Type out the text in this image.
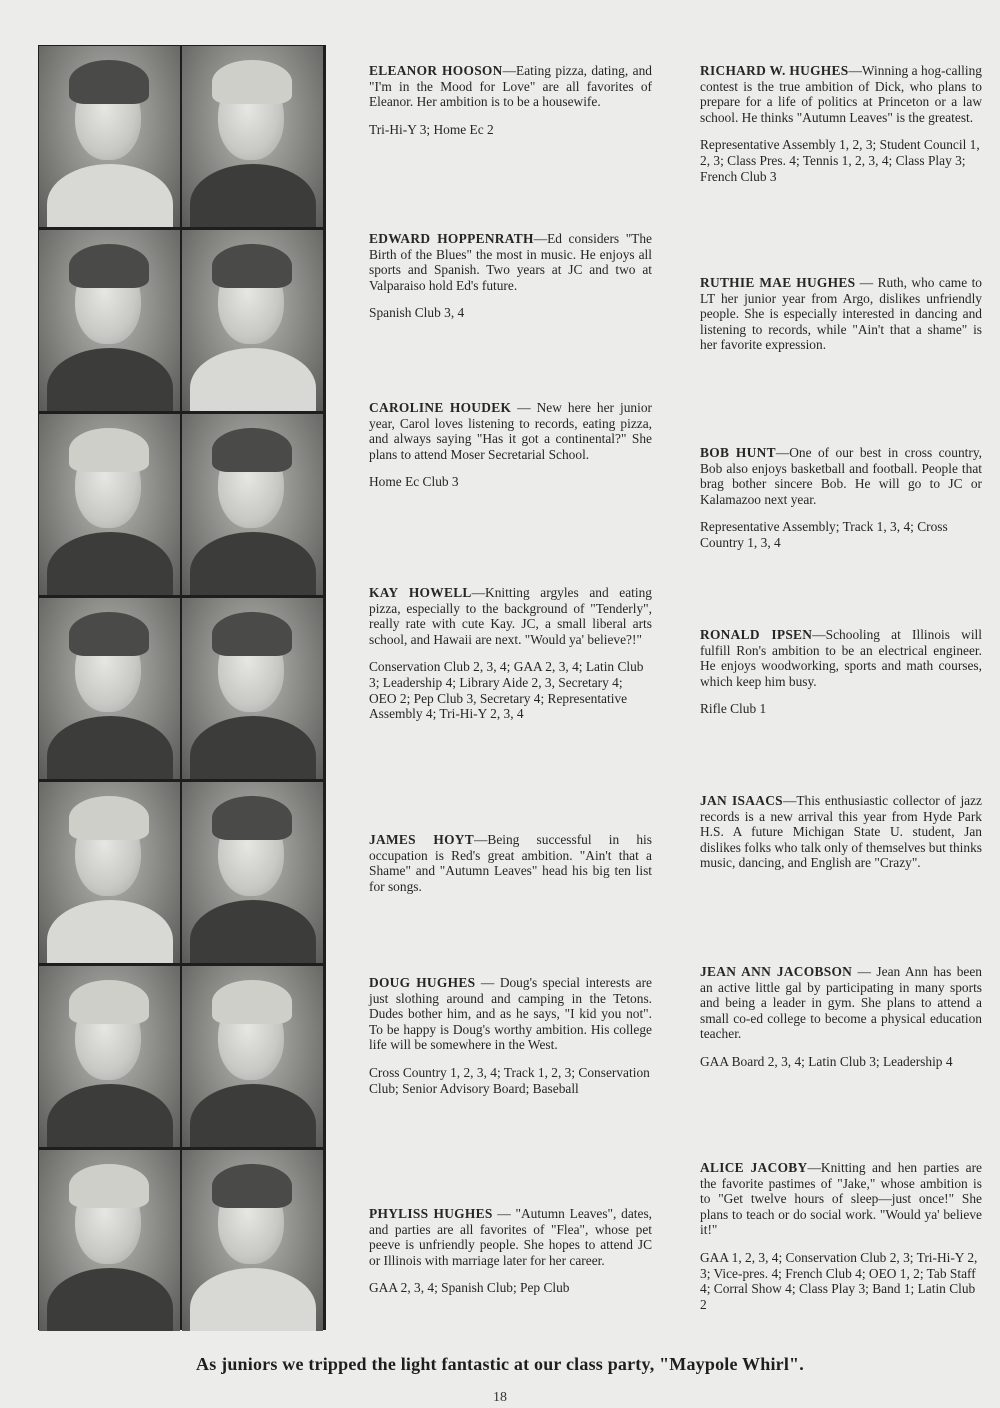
ELEANOR HOOSON—Eating pizza, dating, and "I'm in the Mood for Love" are all favorites of Eleanor. Her ambition is to be a housewife.

Tri-Hi-Y 3; Home Ec 2

EDWARD HOPPENRATH—Ed considers "The Birth of the Blues" the most in music. He enjoys all sports and Spanish. Two years at JC and two at Valparaiso hold Ed's future.

Spanish Club 3, 4

CAROLINE HOUDEK — New here her junior year, Carol loves listening to records, eating pizza, and always saying "Has it got a continental?" She plans to attend Moser Secretarial School.

Home Ec Club 3

KAY HOWELL—Knitting argyles and eating pizza, especially to the background of "Tenderly", really rate with cute Kay. JC, a small liberal arts school, and Hawaii are next. "Would ya' believe?!"

Conservation Club 2, 3, 4; GAA 2, 3, 4; Latin Club 3; Leadership 4; Library Aide 2, 3, Secretary 4; OEO 2; Pep Club 3, Secretary 4; Representative Assembly 4; Tri-Hi-Y 2, 3, 4

JAMES HOYT—Being successful in his occupation is Red's great ambition. "Ain't that a Shame" and "Autumn Leaves" head his big ten list for songs.

DOUG HUGHES — Doug's special interests are just slothing around and camping in the Tetons. Dudes bother him, and as he says, "I kid you not". To be happy is Doug's worthy ambition. His college life will be somewhere in the West.

Cross Country 1, 2, 3, 4; Track 1, 2, 3; Conservation Club; Senior Advisory Board; Baseball

PHYLISS HUGHES — "Autumn Leaves", dates, and parties are all favorites of "Flea", whose pet peeve is unfriendly people. She hopes to attend JC or Illinois with marriage later for her career.

GAA 2, 3, 4; Spanish Club; Pep Club

RICHARD W. HUGHES—Winning a hog-calling contest is the true ambition of Dick, who plans to prepare for a life of politics at Princeton or a law school. He thinks "Autumn Leaves" is the greatest.

Representative Assembly 1, 2, 3; Student Council 1, 2, 3; Class Pres. 4; Tennis 1, 2, 3, 4; Class Play 3; French Club 3

RUTHIE MAE HUGHES — Ruth, who came to LT her junior year from Argo, dislikes unfriendly people. She is especially interested in dancing and listening to records, while "Ain't that a shame" is her favorite expression.

BOB HUNT—One of our best in cross country, Bob also enjoys basketball and football. People that brag bother sincere Bob. He will go to JC or Kalamazoo next year.

Representative Assembly; Track 1, 3, 4; Cross Country 1, 3, 4

RONALD IPSEN—Schooling at Illinois will fulfill Ron's ambition to be an electrical engineer. He enjoys woodworking, sports and math courses, which keep him busy.

Rifle Club 1

JAN ISAACS—This enthusiastic collector of jazz records is a new arrival this year from Hyde Park H.S. A future Michigan State U. student, Jan dislikes folks who talk only of themselves but thinks music, dancing, and English are "Crazy".

JEAN ANN JACOBSON — Jean Ann has been an active little gal by participating in many sports and being a leader in gym. She plans to attend a small co-ed college to become a physical education teacher.

GAA Board 2, 3, 4; Latin Club 3; Leadership 4

ALICE JACOBY—Knitting and hen parties are the favorite pastimes of "Jake," whose ambition is to "Get twelve hours of sleep—just once!" She plans to teach or do social work. "Would ya' believe it!"

GAA 1, 2, 3, 4; Conservation Club 2, 3; Tri-Hi-Y 2, 3; Vice-pres. 4; French Club 4; OEO 1, 2; Tab Staff 4; Corral Show 4; Class Play 3; Band 1; Latin Club 2

As juniors we tripped the light fantastic at our class party, "Maypole Whirl".
18
